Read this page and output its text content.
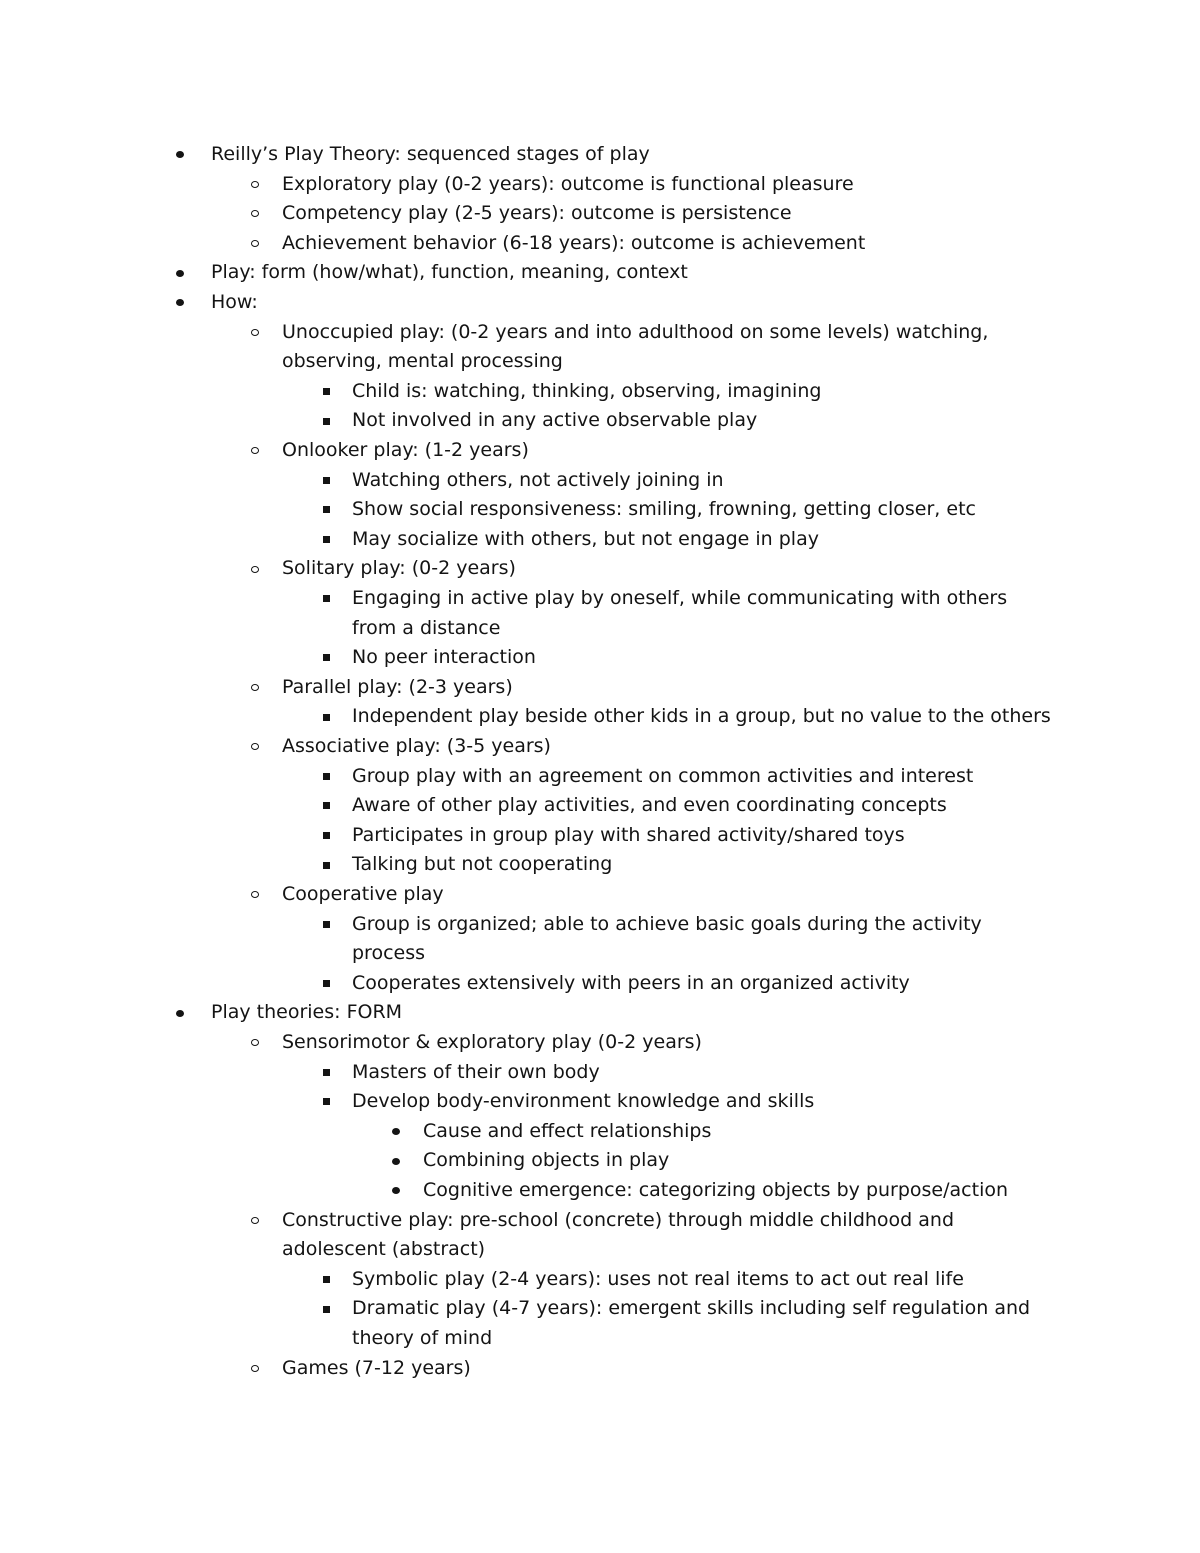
Reilly’s Play Theory: sequenced stages of play
Exploratory play (0-2 years): outcome is functional pleasure
Competency play (2-5 years): outcome is persistence
Achievement behavior (6-18 years): outcome is achievement
Play: form (how/what), function, meaning, context
How:
Unoccupied play: (0-2 years and into adulthood on some levels) watching,
observing, mental processing
Child is: watching, thinking, observing, imagining
Not involved in any active observable play
Onlooker play: (1-2 years)
Watching others, not actively joining in
Show social responsiveness: smiling, frowning, getting closer, etc
May socialize with others, but not engage in play
Solitary play: (0-2 years)
Engaging in active play by oneself, while communicating with others
from a distance
No peer interaction
Parallel play: (2-3 years)
Independent play beside other kids in a group, but no value to the others
Associative play: (3-5 years)
Group play with an agreement on common activities and interest
Aware of other play activities, and even coordinating concepts
Participates in group play with shared activity/shared toys
Talking but not cooperating
Cooperative play
Group is organized; able to achieve basic goals during the activity
process
Cooperates extensively with peers in an organized activity
Play theories: FORM
Sensorimotor & exploratory play (0-2 years)
Masters of their own body
Develop body-environment knowledge and skills
Cause and effect relationships
Combining objects in play
Cognitive emergence: categorizing objects by purpose/action
Constructive play: pre-school (concrete) through middle childhood and
adolescent (abstract)
Symbolic play (2-4 years): uses not real items to act out real life
Dramatic play (4-7 years): emergent skills including self regulation and
theory of mind
Games (7-12 years)
